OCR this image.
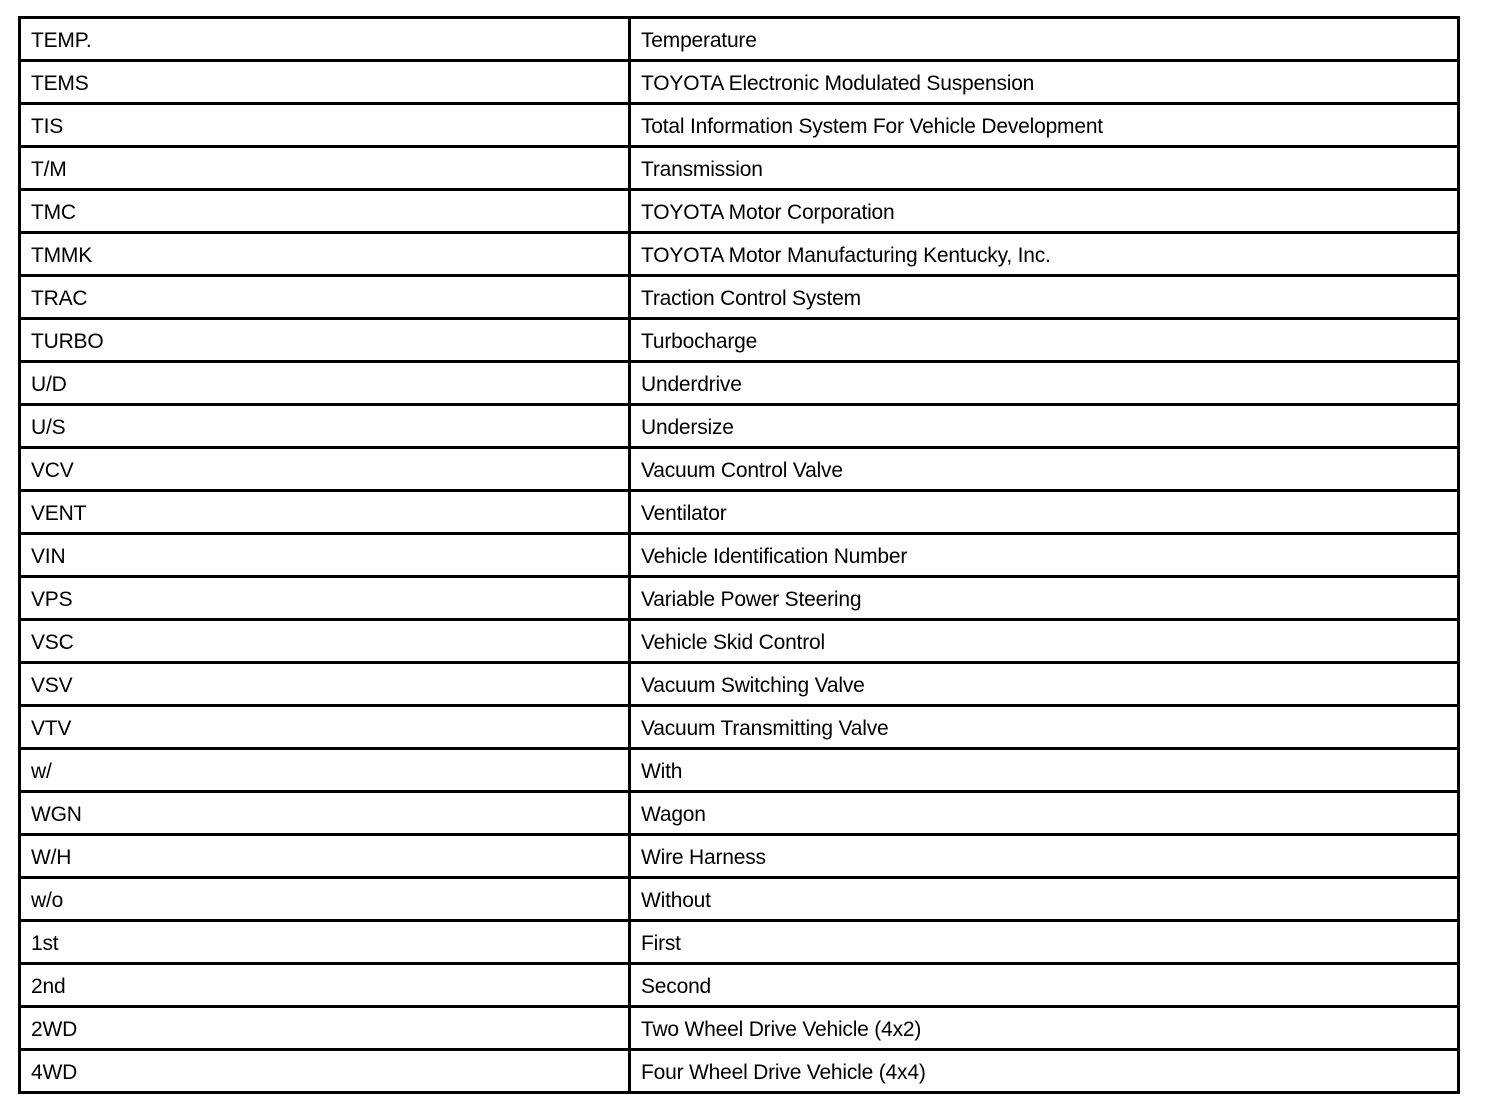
TEMP.	Temperature
TEMS	TOYOTA Electronic Modulated Suspension
TIS	Total Information System For Vehicle Development
T/M	Transmission
TMC	TOYOTA Motor Corporation
TMMK	TOYOTA Motor Manufacturing Kentucky, Inc.
TRAC	Traction Control System
TURBO	Turbocharge
U/D	Underdrive
U/S	Undersize
VCV	Vacuum Control Valve
VENT	Ventilator
VIN	Vehicle Identification Number
VPS	Variable Power Steering
VSC	Vehicle Skid Control
VSV	Vacuum Switching Valve
VTV	Vacuum Transmitting Valve
w/	With
WGN	Wagon
W/H	Wire Harness
w/o	Without
1st	First
2nd	Second
2WD	Two Wheel Drive Vehicle (4x2)
4WD	Four Wheel Drive Vehicle (4x4)
